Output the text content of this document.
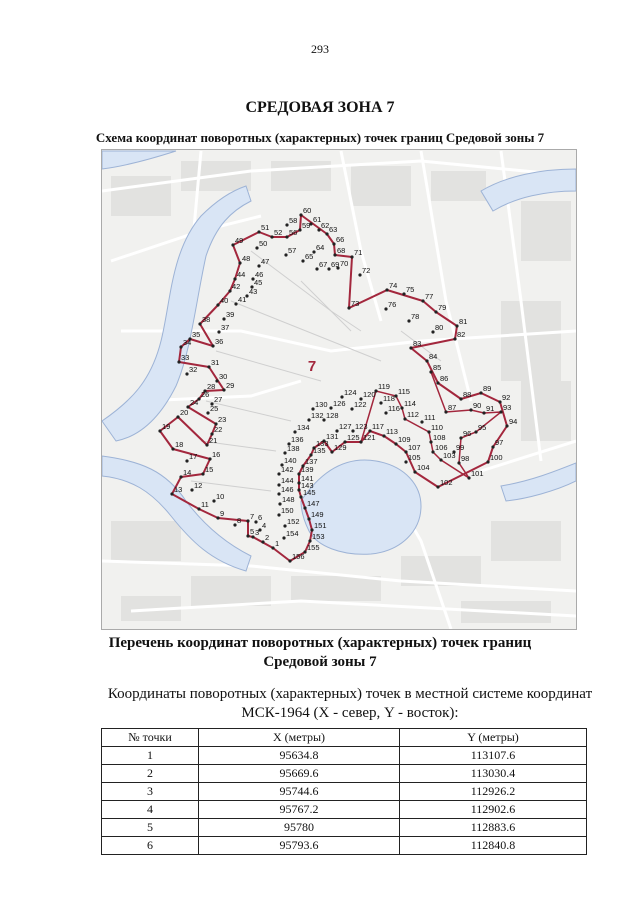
293
СРЕДОВАЯ ЗОНА 7
Схема координат поворотных (характерных) точек границ Средовой зоны 7
1
2
3
4
5
6
7
8
9
10
11
12
13
14 15
16
17
18
19
20
21
22
23
24
25
26
27
28 29
30
31
32
33
34
35
36
37
38
39
40 41
42
43
44
45
46
47
48
49 50
51
52 56
57
58
59
60
61
62 63
64
65
66
67
68
69 70
71
72
73
74 75
76
77
78
79
80
81
82
83
84
85
86
87
88
89
90 91
92
93
94
95
96
97
98
99
100
101
102
103
104
105
106
107
108
109
110
111
112
113
114
115
116
117
118
119
120
121
122
123
124
125
126
127
128
129
130
131
132
133
134
135
136
137
138
139
140
141
142
143
144
145
146
147
148
149
150
151
152
153
154
155
156
7
Перечень координат поворотных (характерных) точек границ
Средовой зоны 7
Координаты поворотных (характерных) точек в местной системе координат
МСК-1964 (X - север, Y - восток):
№ точки	X (метры)	Y (метры)
1	95634.8	113107.6
2	95669.6	113030.4
3	95744.6	112926.2
4	95767.2	112902.6
5	95780	112883.6
6	95793.6	112840.8
